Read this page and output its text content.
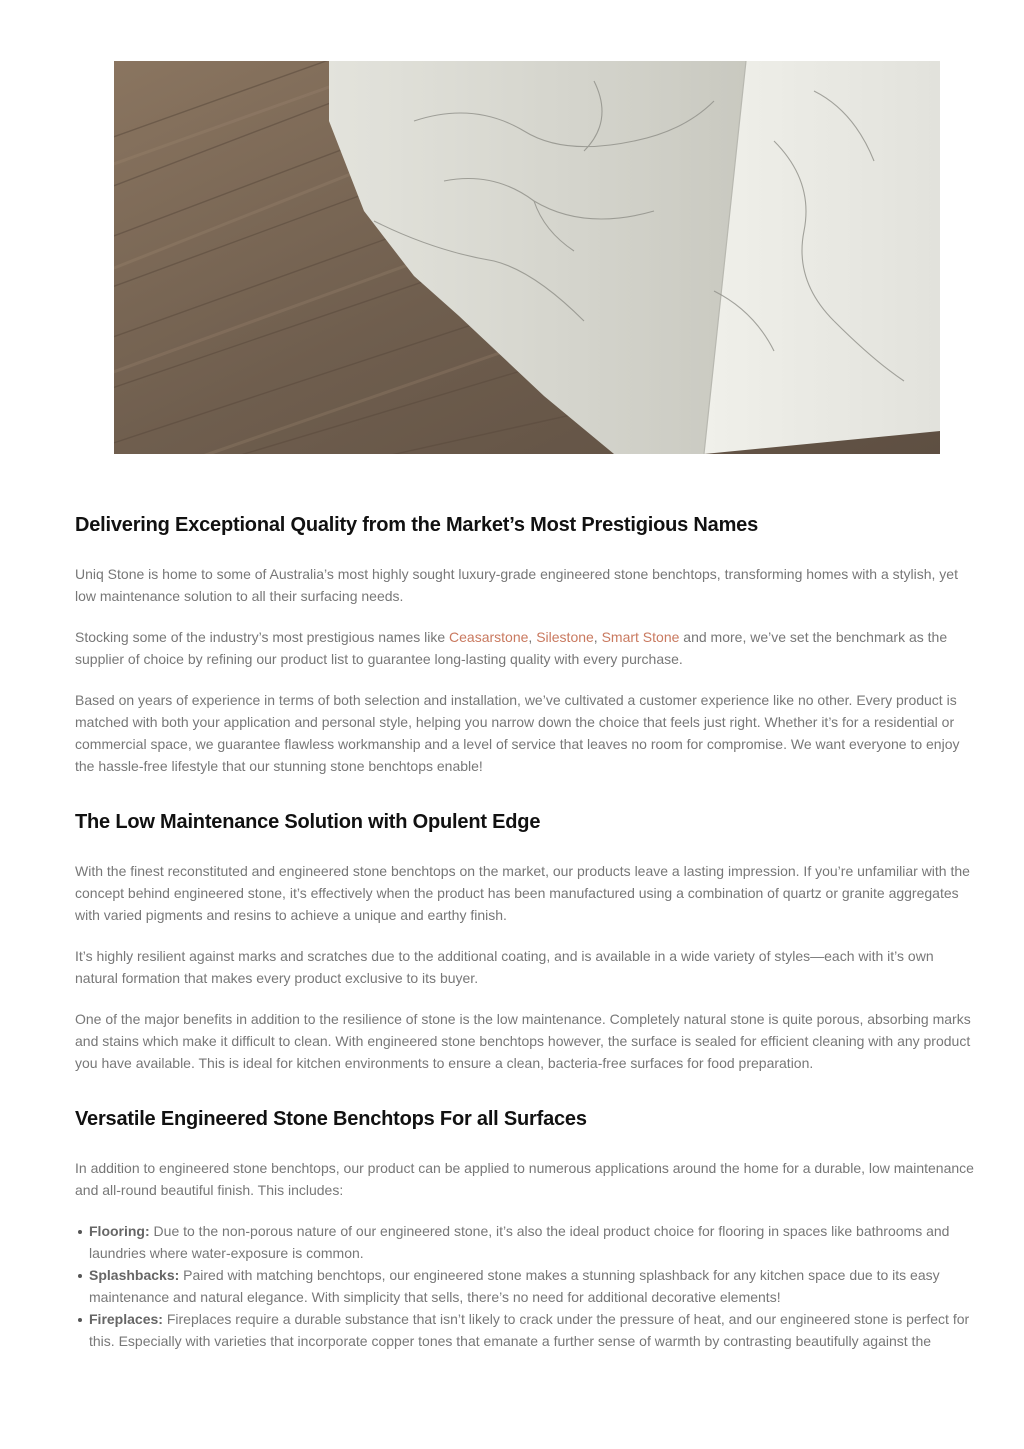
Delivering Exceptional Quality from the Market’s Most Prestigious Names

Uniq Stone is home to some of Australia’s most highly sought luxury-grade engineered stone benchtops, transforming homes with a stylish, yet low maintenance solution to all their surfacing needs.

Stocking some of the industry’s most prestigious names like Ceasarstone, Silestone, Smart Stone and more, we’ve set the benchmark as the supplier of choice by refining our product list to guarantee long-lasting quality with every purchase.

Based on years of experience in terms of both selection and installation, we’ve cultivated a customer experience like no other. Every product is matched with both your application and personal style, helping you narrow down the choice that feels just right. Whether it’s for a residential or commercial space, we guarantee flawless workmanship and a level of service that leaves no room for compromise. We want everyone to enjoy the hassle-free lifestyle that our stunning stone benchtops enable!

The Low Maintenance Solution with Opulent Edge

With the finest reconstituted and engineered stone benchtops on the market, our products leave a lasting impression. If you’re unfamiliar with the concept behind engineered stone, it’s effectively when the product has been manufactured using a combination of quartz or granite aggregates with varied pigments and resins to achieve a unique and earthy finish.

It’s highly resilient against marks and scratches due to the additional coating, and is available in a wide variety of styles—each with it’s own natural formation that makes every product exclusive to its buyer.

One of the major benefits in addition to the resilience of stone is the low maintenance. Completely natural stone is quite porous, absorbing marks and stains which make it difficult to clean. With engineered stone benchtops however, the surface is sealed for efficient cleaning with any product you have available. This is ideal for kitchen environments to ensure a clean, bacteria-free surfaces for food preparation.

Versatile Engineered Stone Benchtops For all Surfaces

In addition to engineered stone benchtops, our product can be applied to numerous applications around the home for a durable, low maintenance and all-round beautiful finish. This includes:

Flooring: Due to the non-porous nature of our engineered stone, it’s also the ideal product choice for flooring in spaces like bathrooms and laundries where water-exposure is common.
Splashbacks: Paired with matching benchtops, our engineered stone makes a stunning splashback for any kitchen space due to its easy maintenance and natural elegance. With simplicity that sells, there’s no need for additional decorative elements!
Fireplaces: Fireplaces require a durable substance that isn’t likely to crack under the pressure of heat, and our engineered stone is perfect for this. Especially with varieties that incorporate copper tones that emanate a further sense of warmth by contrasting beautifully against the
